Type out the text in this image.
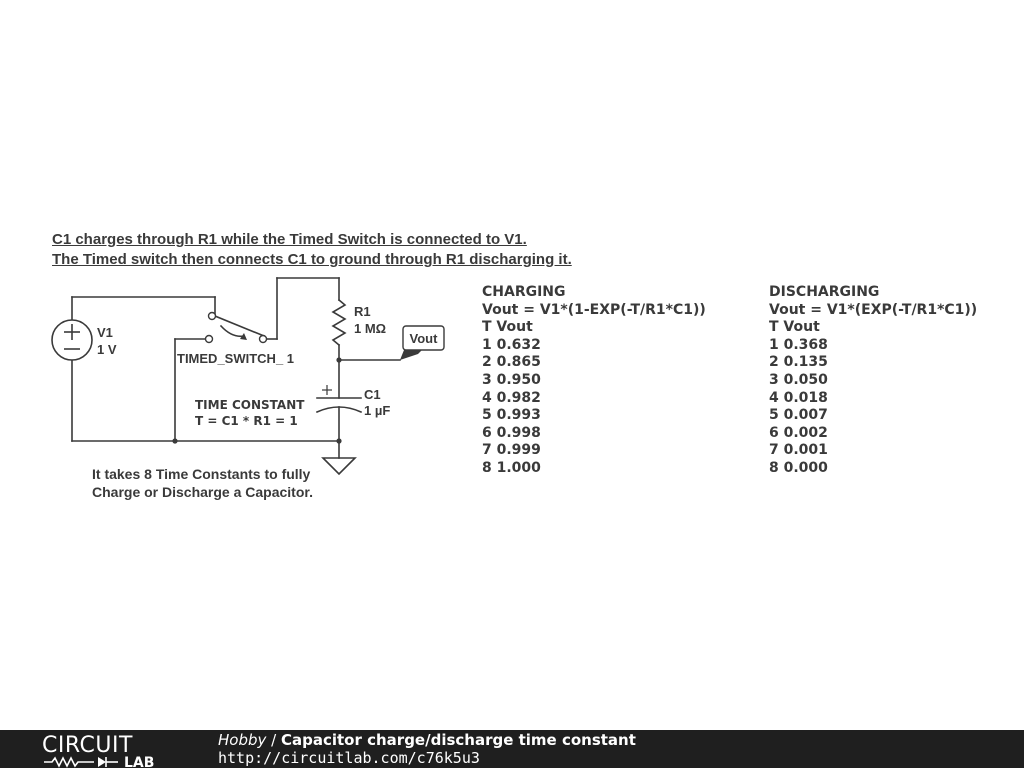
C1 charges through R1 while the Timed Switch is connected to V1.
The Timed switch then connects C1 to ground through R1 discharging it.
Vout
V1
1 V
R1
1 MΩ
C1
1 µF
TIMED_SWITCH_ 1
TIME CONSTANT
T = C1 * R1 = 1
It takes 8 Time Constants to fully
Charge or Discharge a Capacitor.
CHARGING
Vout = V1*(1-EXP(-T/R1*C1))
T Vout
1 0.632
2 0.865
3 0.950
4 0.982
5 0.993
6 0.998
7 0.999
8 1.000
DISCHARGING
Vout = V1*(EXP(-T/R1*C1))
T Vout
1 0.368
2 0.135
3 0.050
4 0.018
5 0.007
6 0.002
7 0.001
8 0.000
CIRCUIT
LAB
Hobby / Capacitor charge/discharge time constant
http://circuitlab.com/c76k5u3
